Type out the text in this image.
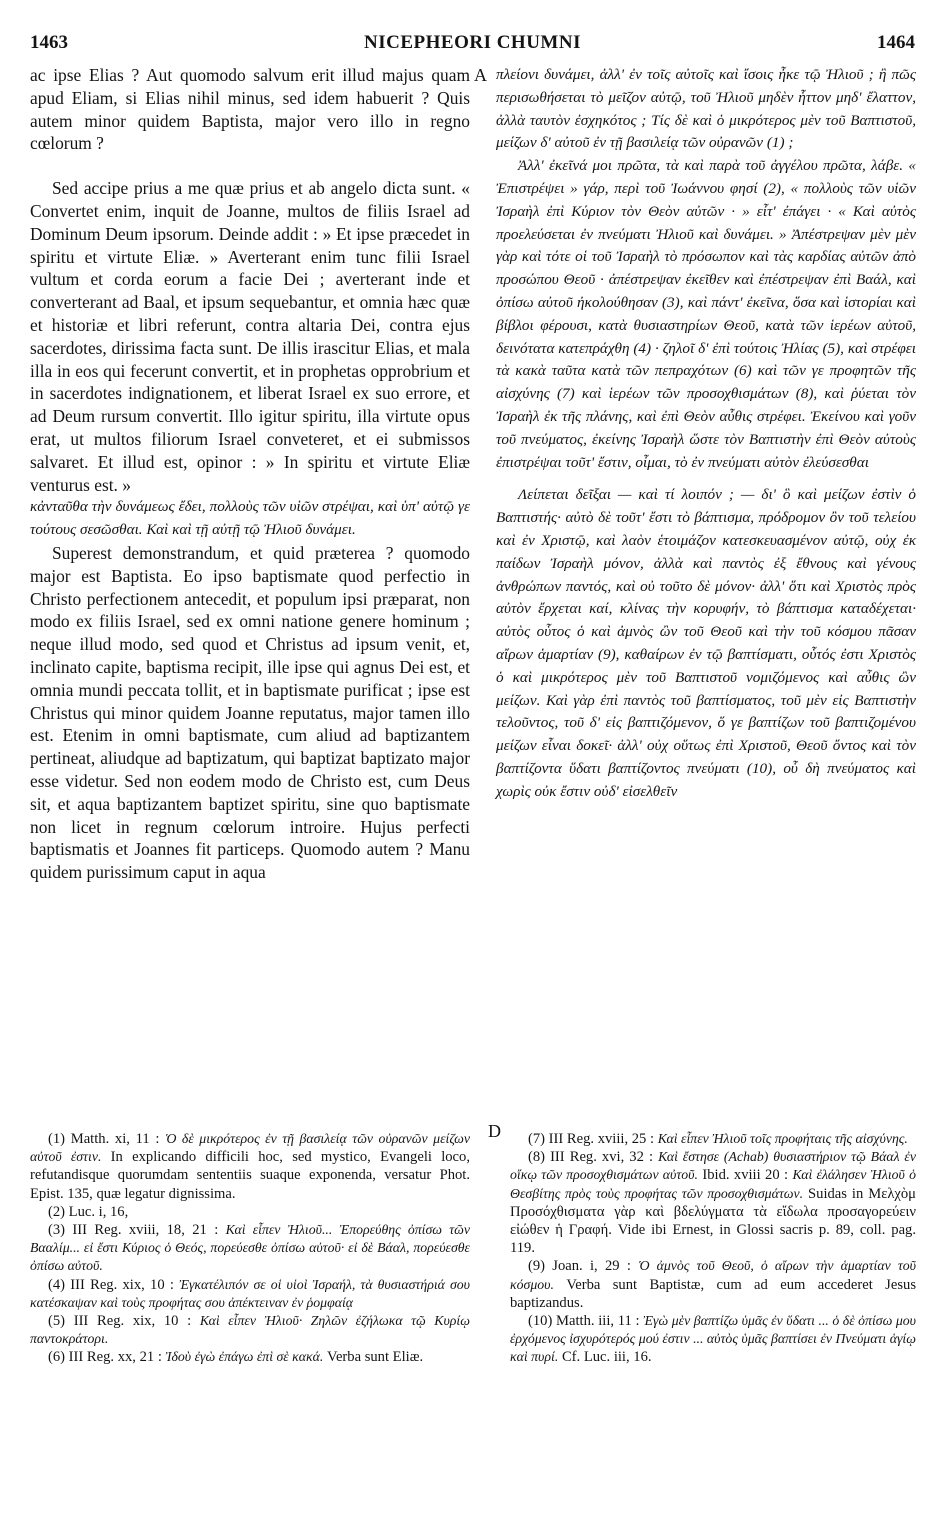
1463	NICEPHEORI CHUMNI	1464
A
D

ac ipse Elias ? Aut quomodo salvum erit illud majus quam apud Eliam, si Elias nihil minus, sed idem habuerit ? Quis autem minor quidem Baptista, major vero illo in regno cœlorum ?

Sed accipe prius a me quæ prius et ab angelo dicta sunt. « Convertet enim, inquit de Joanne, multos de filiis Israel ad Dominum Deum ipsorum. Deinde addit : » Et ipse præcedet in spiritu et virtute Eliæ. » Averterant enim tunc filii Israel vultum et corda eorum a facie Dei ; averterant inde et converterant ad Baal, et ipsum sequebantur, et omnia hæc quæ et historiæ et libri referunt, contra altaria Dei, contra ejus sacerdotes, dirissima facta sunt. De illis irascitur Elias, et mala illa in eos qui fecerunt convertit, et in prophetas opprobrium et in sacerdotes indignationem, et liberat Israel ex suo errore, et ad Deum rursum convertit. Illo igitur spiritu, illa virtute opus erat, ut multos filiorum Israel conveteret, et ei submissos salvaret. Et illud est, opinor : » In spiritu et virtute Eliæ venturus est. »

κἀνταῦθα τὴν δυνάμεως ἔδει, πολλοὺς τῶν υἱῶν στρέψαι, καὶ ὑπ' αὐτῷ γε τούτους σεσῶσθαι. Καὶ καὶ τῇ αὐτῇ τῷ Ἠλιοῦ δυνάμει.

Superest demonstrandum, et quid præterea ? quomodo major est Baptista. Eo ipso baptismate quod perfectio in Christo perfectionem antecedit, et populum ipsi præparat, non modo ex filiis Israel, sed ex omni natione genere hominum ; neque illud modo, sed quod et Christus ad ipsum venit, et, inclinato capite, baptisma recipit, ille ipse qui agnus Dei est, et omnia mundi peccata tollit, et in baptismate purificat ; ipse est Christus qui minor quidem Joanne reputatus, major tamen illo est. Etenim in omni baptismate, cum aliud ad baptizantem pertineat, aliudque ad baptizatum, qui baptizat baptizato major esse videtur. Sed non eodem modo de Christo est, cum Deus sit, et aqua baptizantem baptizet spiritu, sine quo baptismate non licet in regnum cœlorum introire. Hujus perfecti baptismatis et Joannes fit particeps. Quomodo autem ? Manu quidem purissimum caput in aqua

πλείονι δυνάμει, ἀλλ' ἐν τοῖς αὐτοῖς καὶ ἴσοις ἦκε τῷ Ἠλιοῦ ; ἢ πῶς περισωθήσεται τὸ μεῖζον αὐτῷ, τοῦ Ἠλιοῦ μηδὲν ἧττον μηδ' ἔλαττον, ἀλλὰ ταυτὸν ἐσχηκότος ; Τίς δὲ καὶ ὁ μικρότερος μὲν τοῦ Βαπτιστοῦ, μείζων δ' αὐτοῦ ἐν τῇ βασιλείᾳ τῶν οὐρανῶν (1) ;

Ἀλλ' ἐκεῖνά μοι πρῶτα, τὰ καὶ παρὰ τοῦ ἀγγέλου πρῶτα, λάβε. « Ἐπιστρέψει » γάρ, περὶ τοῦ Ἰωάννου φησί (2), « πολλοὺς τῶν υἱῶν Ἰσραὴλ ἐπὶ Κύριον τὸν Θεὸν αὐτῶν · » εἶτ' ἐπάγει · « Καὶ αὐτὸς προελεύσεται ἐν πνεύματι Ἠλιοῦ καὶ δυνάμει. » Ἀπέστρεψαν μὲν μὲν γὰρ καὶ τότε οἱ τοῦ Ἰσραὴλ τὸ πρόσωπον καὶ τὰς καρδίας αὐτῶν ἀπὸ προσώπου Θεοῦ · ἀπέστρεψαν ἐκεῖθεν καὶ ἐπέστρεψαν ἐπὶ Βαάλ, καὶ ὀπίσω αὐτοῦ ἠκολούθησαν (3), καὶ πάντ' ἐκεῖνα, ὅσα καὶ ἱστορίαι καὶ βίβλοι φέρουσι, κατὰ θυσιαστηρίων Θεοῦ, κατὰ τῶν ἱερέων αὐτοῦ, δεινότατα κατεπράχθη (4) · ζηλοῖ δ' ἐπὶ τούτοις Ἠλίας (5), καὶ στρέφει τὰ κακὰ ταῦτα κατὰ τῶν πεπραχότων (6) καὶ τῶν γε προφητῶν τῆς αἰσχύνης (7) καὶ ἱερέων τῶν προσοχθισμάτων (8), καὶ ῥύεται τὸν Ἰσραὴλ ἐκ τῆς πλάνης, καὶ ἐπὶ Θεὸν αὖθις στρέφει. Ἐκείνου καὶ γοῦν τοῦ πνεύματος, ἐκείνης Ἰσραὴλ ὥστε τὸν Βαπτιστὴν ἐπὶ Θεὸν αὐτοὺς ἐπιστρέψαι τοῦτ' ἔστιν, οἶμαι, τὸ ἐν πνεύματι αὐτὸν ἐλεύσεσθαι

Λείπεται δεῖξαι — καὶ τί λοιπόν ; — δι' ὃ καὶ μείζων ἐστὶν ὁ Βαπτιστής· αὐτὸ δὲ τοῦτ' ἔστι τὸ βάπτισμα, πρόδρομον ὂν τοῦ τελείου καὶ ἐν Χριστῷ, καὶ λαὸν ἑτοιμάζον κατεσκευασμένον αὐτῷ, οὐχ ἐκ παίδων Ἰσραὴλ μόνον, ἀλλὰ καὶ παντὸς ἐξ ἔθνους καὶ γένους ἀνθρώπων παντός, καὶ οὐ τοῦτο δὲ μόνον· ἀλλ' ὅτι καὶ Χριστὸς πρὸς αὐτὸν ἔρχεται καί, κλίνας τὴν κορυφήν, τὸ βάπτισμα καταδέχεται· αὐτὸς οὗτος ὁ καὶ ἀμνὸς ὢν τοῦ Θεοῦ καὶ τὴν τοῦ κόσμου πᾶσαν αἴρων ἁμαρτίαν (9), καθαίρων ἐν τῷ βαπτίσματι, οὗτός ἐστι Χριστὸς ὁ καὶ μικρότερος μὲν τοῦ Βαπτιστοῦ νομιζόμενος καὶ αὖθις ὢν μείζων. Καὶ γὰρ ἐπὶ παντὸς τοῦ βαπτίσματος, τοῦ μὲν εἰς Βαπτιστὴν τελοῦντος, τοῦ δ' εἰς βαπτιζόμενον, ὅ γε βαπτίζων τοῦ βαπτιζομένου μείζων εἶναι δοκεῖ· ἀλλ' οὐχ οὕτως ἐπὶ Χριστοῦ, Θεοῦ ὄντος καὶ τὸν βαπτίζοντα ὕδατι βαπτίζοντος πνεύματι (10), οὗ δὴ πνεύματος καὶ χωρὶς οὐκ ἔστιν οὐδ' εἰσελθεῖν

(1) Matth. xi, 11 : Ὁ δὲ μικρότερος ἐν τῇ βασιλείᾳ τῶν οὐρανῶν μείζων αὐτοῦ ἐστιν. In explicando difficili hoc, sed mystico, Evangeli loco, refutandisque quorumdam sententiis suaque exponenda, versatur Phot. Epist. 135, quæ legatur dignissima.

(2) Luc. i, 16,

(3) III Reg. xviii, 18, 21 : Καὶ εἶπεν Ἠλιοῦ... Ἐπορεύθης ὀπίσω τῶν Βααλίμ... εἰ ἔστι Κύριος ὁ Θεός, πορεύεσθε ὀπίσω αὐτοῦ· εἰ δὲ Βάαλ, πορεύεσθε ὀπίσω αὐτοῦ.

(4) III Reg. xix, 10 : Ἐγκατέλιπόν σε οἱ υἱοὶ Ἰσραήλ, τὰ θυσιαστήριά σου κατέσκαψαν καὶ τοὺς προφήτας σου ἀπέκτειναν ἐν ῥομφαίᾳ

(5) III Reg. xix, 10 : Καὶ εἶπεν Ἠλιοῦ· Ζηλῶν ἐζήλωκα τῷ Κυρίῳ παντοκράτορι.

(6) III Reg. xx, 21 : Ἰδοὺ ἐγὼ ἐπάγω ἐπὶ σὲ κακά. Verba sunt Eliæ.

(7) III Reg. xviii, 25 : Καὶ εἶπεν Ἠλιοῦ τοῖς προφήταις τῆς αἰσχύνης.

(8) III Reg. xvi, 32 : Καὶ ἔστησε (Achab) θυσιαστήριον τῷ Βάαλ ἐν οἴκῳ τῶν προσοχθισμάτων αὐτοῦ. Ibid. xviii 20 : Καὶ ἐλάλησεν Ἠλιοῦ ὁ Θεσβίτης πρὸς τοὺς προφήτας τῶν προσοχθισμάτων. Suidas in Μελχὸμ Προσόχθισματα γὰρ καὶ βδελύγματα τὰ εἴδωλα προσαγορεύειν εἰώθεν ἡ Γραφή. Vide ibi Ernest, in Glossi sacris p. 89, coll. pag. 119.

(9) Joan. i, 29 : Ὁ ἀμνὸς τοῦ Θεοῦ, ὁ αἴρων τὴν ἁμαρτίαν τοῦ κόσμου. Verba sunt Baptistæ, cum ad eum accederet Jesus baptizandus.

(10) Matth. iii, 11 : Ἐγὼ μὲν βαπτίζω ὑμᾶς ἐν ὕδατι ... ὁ δὲ ὀπίσω μου ἐρχόμενος ἰσχυρότερός μού ἐστιν ... αὐτὸς ὑμᾶς βαπτίσει ἐν Πνεύματι ἁγίῳ καὶ πυρί. Cf. Luc. iii, 16.
